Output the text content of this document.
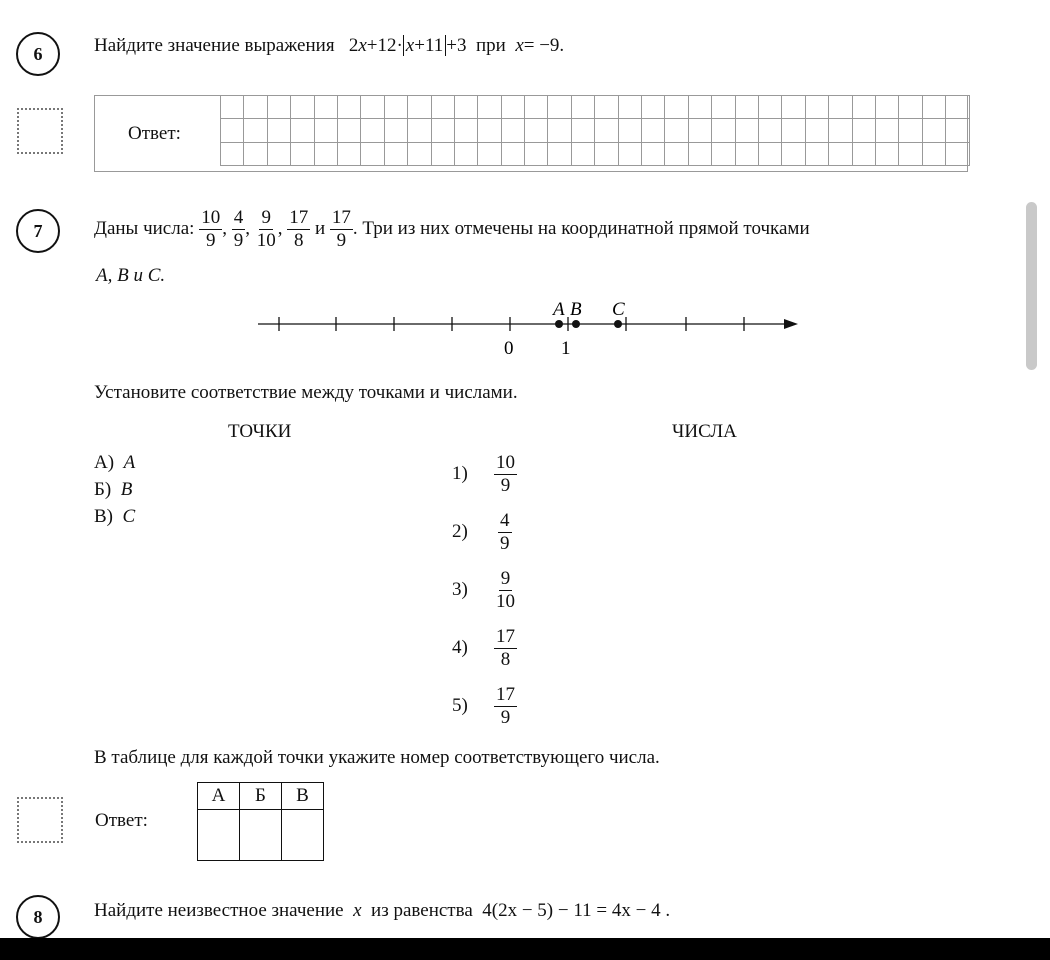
6	Найдите значение выражения 2x+12· x+11 +3 при x= −9.
Ответ:

7	Даны числа:
$\frac{10}{9}$ ,
$\frac{4}{9}$ ,
$\frac{9}{10}$ ,
$\frac{17}{8}$
и
$\frac{17}{9}$ . Три из них отмечены на координатной прямой точками
A, B и C.
A B C
0	1
Установите соответствие между точками и числами.
ТОЧКИ	ЧИСЛА
А) A
Б) B
В) C
1)	$\frac{10}{9}$
2)	$\frac{4}{9}$
3)	$\frac{9}{10}$
4)	$\frac{17}{8}$
5)	$\frac{17}{9}$
В таблице для каждой точки укажите номер соответствующего числа.
Ответ:
А	Б	В

8	Найдите неизвестное значение x из равенства 4(2x − 5) − 11 = 4x − 4 .
